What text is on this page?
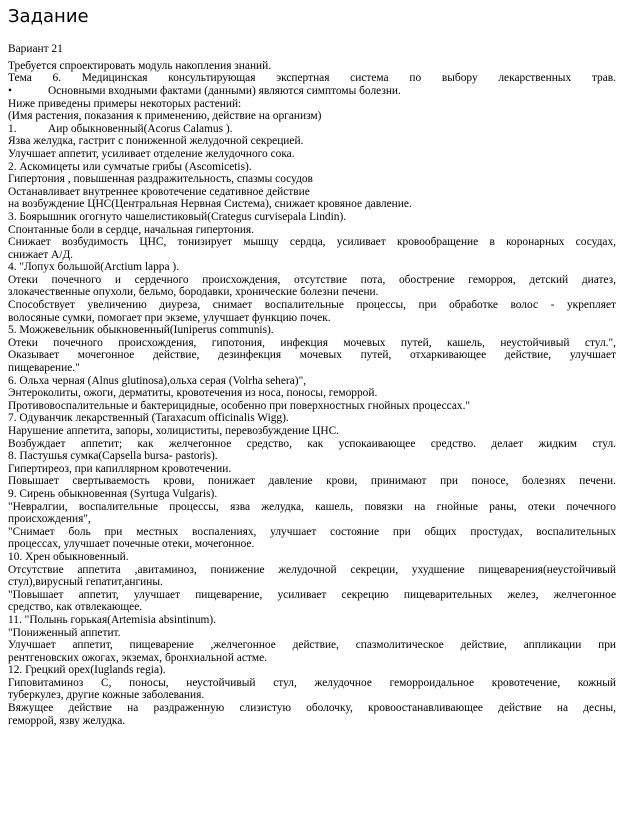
Задание

Вариант 21

Требуется спроектировать модуль накопления знаний.

Тема 6. Медицинская консультирующая экспертная система по выбору лекарственных трав.

•	Основными входными фактами (данными) являются симптомы болезни.

Ниже приведены примеры некоторых растений:

(Имя растения, показания к применению, действие на организм)

1.	Аир обыкновенный(Acorus Calamus ).

Язва желудка, гастрит с пониженной желудочной секрецией.

Улучшает аппетит, усиливает отделение желудочного сока.

2. Аскомицеты или сумчатые грибы (Ascomicetis).

Гипертония , повышенная раздражительность, спазмы сосудов

Останавливает внутреннее кровотечение седативное действие

на возбуждение ЦНС(Центральная Нервная Система), снижает кровяное давление.

3. Боярышник огогнуто чашелистиковый(Crategus curvisepala Lindin).

Спонтанные боли в сердце, начальная гипертония.

Снижает возбудимость ЦНС, тонизирует мышцу сердца, усиливает кровообращение в коронарных сосудах,

снижает А/Д.

4. "Лопух большой(Arctium lappa ).

Отеки почечного и сердечного происхождения, отсутствие пота, обострение геморроя, детский диатез,

злокачественные опухоли, бельмо, бородавки, хронические болезни печени.

Способствует увеличению диуреза, снимает воспалительные процессы, при обработке волос - укрепляет

волосяные сумки, помогает при экземе, улучшает функцию почек.

5. Можжевельник обыкновенный(Iuniperus communis).

Отеки почечного происхождения, гипотония, инфекция мочевых путей, кашель, неустойчивый стул.",

Оказывает мочегонное действие, дезинфекция мочевых путей, отхаркивающее действие, улучшает

пищеварение."

6. Ольха черная (Alnus glutinosa),ольха серая (Volrha sehera)",

Энтероколиты, ожоги, дерматиты, кровотечения из носа, поносы, геморрой.

Противовоспалительные и бактерицидные, особенно при поверхностных гнойных процессах."

7. Одуванчик лекарственный (Taraxacum officinalis Wigg).

Нарушение аппетита, запоры, холициститы, перевозбуждение ЦНС.

Возбуждает аппетит; как желчегонное средство, как успокаивающее средство. делает жидким стул.

8. Пастушья сумка(Capsella bursa- pastoris).

Гипертиреоз, при капиллярном кровотечении.

Повышает свертываемость крови, понижает давление крови, принимают при поносе, болезнях печени.

9. Сирень обыкновенная (Syrtuga Vulgaris).

"Невралгии, воспалительные процессы, язва желудка, кашель, повязки на гнойные раны, отеки почечного

происхождения",

"Снимает боль при местных воспалениях, улучшает состояние при общих простудах, воспалительных

процессах, улучшает почечные отеки, мочегонное.

10. Хрен обыкновенный.

Отсутствие аппетита ,авитаминоз, понижение желудочной секреции, ухудшение пищеварения(неустойчивый

стул),вирусный гепатит,ангины.

"Повышает аппетит, улучшает пищеварение, усиливает секрецию пищеварительных желез, желчегонное

средство, как отвлекающее.

11. "Полынь горькая(Artemisia absintinum).

"Пониженный аппетит.

Улучшает аппетит, пищеварение ,желчегонное действие, спазмолитическое действие, аппликации при

рентгеновских ожогах, экземах, бронхиальной астме.

12. Грецкий орех(Iuglands regia).

Гиповитаминоз С, поносы, неустойчивый стул, желудочное геморроидальное кровотечение, кожный

туберкулез, другие кожные заболевания.

Вяжущее действие на раздраженную слизистую оболочку, кровоостанавливающее действие на десны,

геморрой, язву желудка.
